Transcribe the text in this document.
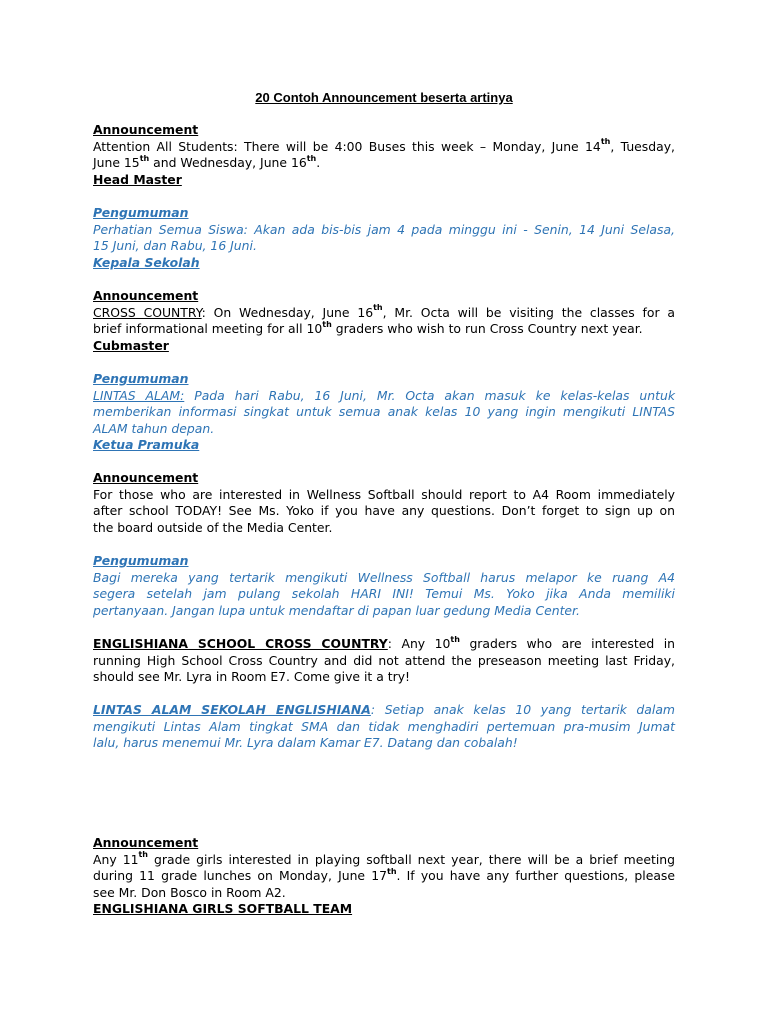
20 Contoh Announcement beserta artinya
Announcement
Attention All Students: There will be 4:00 Buses this week – Monday, June 14th, Tuesday,
June 15th and Wednesday, June 16th.
Head Master
Pengumuman
Perhatian Semua Siswa: Akan ada bis-bis jam 4 pada minggu ini - Senin, 14 Juni Selasa,
15 Juni, dan Rabu, 16 Juni.
Kepala Sekolah
Announcement
CROSS COUNTRY: On Wednesday, June 16th, Mr. Octa will be visiting the classes for a
brief informational meeting for all 10th graders who wish to run Cross Country next year.
Cubmaster
Pengumuman
LINTAS ALAM: Pada hari Rabu, 16 Juni, Mr. Octa akan masuk ke kelas-kelas untuk
memberikan informasi singkat untuk semua anak kelas 10 yang ingin mengikuti LINTAS
ALAM tahun depan.
Ketua Pramuka
Announcement
For those who are interested in Wellness Softball should report to A4 Room immediately
after school TODAY! See Ms. Yoko if you have any questions. Don’t forget to sign up on
the board outside of the Media Center.
Pengumuman
Bagi mereka yang tertarik mengikuti Wellness Softball harus melapor ke ruang A4
segera setelah jam pulang sekolah HARI INI! Temui Ms. Yoko jika Anda memiliki
pertanyaan. Jangan lupa untuk mendaftar di papan luar gedung Media Center.
ENGLISHIANA SCHOOL CROSS COUNTRY: Any 10th graders who are interested in
running High School Cross Country and did not attend the preseason meeting last Friday,
should see Mr. Lyra in Room E7. Come give it a try!
LINTAS ALAM SEKOLAH ENGLISHIANA: Setiap anak kelas 10 yang tertarik dalam
mengikuti Lintas Alam tingkat SMA dan tidak menghadiri pertemuan pra-musim Jumat
lalu, harus menemui Mr. Lyra dalam Kamar E7. Datang dan cobalah!
Announcement
Any 11th grade girls interested in playing softball next year, there will be a brief meeting
during 11 grade lunches on Monday, June 17th. If you have any further questions, please
see Mr. Don Bosco in Room A2.
ENGLISHIANA GIRLS SOFTBALL TEAM
